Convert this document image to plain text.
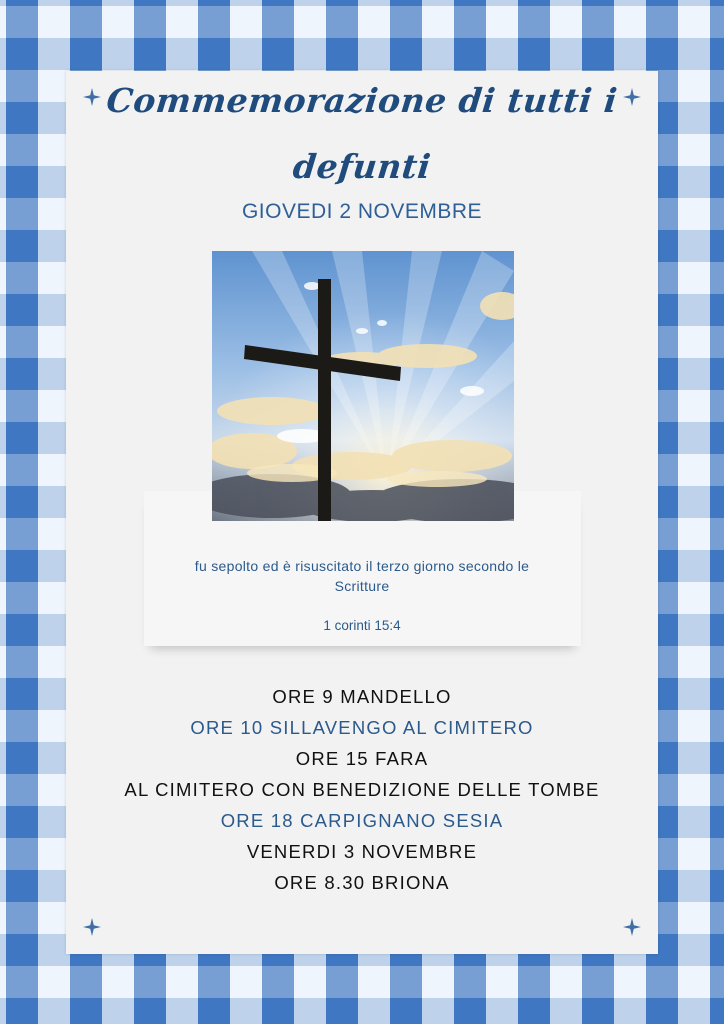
Commemorazione di tutti i
defunti
GIOVEDI 2 NOVEMBRE
fu sepolto ed è risuscitato il terzo giorno secondo le Scritture
1 corinti 15:4
ORE 9 MANDELLO
ORE 10 SILLAVENGO AL CIMITERO
ORE 15 FARA
AL CIMITERO CON BENEDIZIONE DELLE TOMBE
ORE 18 CARPIGNANO SESIA
VENERDI 3 NOVEMBRE
ORE 8.30 BRIONA
